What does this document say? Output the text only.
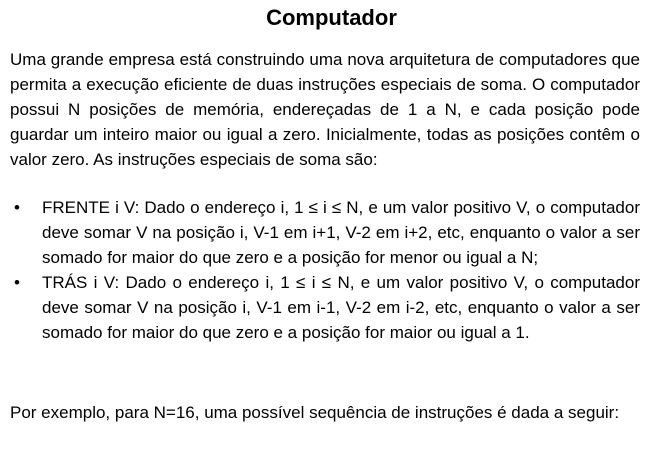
Computador
Uma grande empresa está construindo uma nova arquitetura de computadores que permita a execução eficiente de duas instruções especiais de soma. O computador possui N posições de memória, endereçadas de 1 a N, e cada posição pode guardar um inteiro maior ou igual a zero. Inicialmente, todas as posições contêm o valor zero. As instruções especiais de soma são:
• FRENTE i V: Dado o endereço i, 1 ≤ i ≤ N, e um valor positivo V, o computador deve somar V na posição i, V-1 em i+1, V-2 em i+2, etc, enquanto o valor a ser somado for maior do que zero e a posição for menor ou igual a N;
• TRÁS i V: Dado o endereço i, 1 ≤ i ≤ N, e um valor positivo V, o computador deve somar V na posição i, V-1 em i-1, V-2 em i-2, etc, enquanto o valor a ser somado for maior do que zero e a posição for maior ou igual a 1.
Por exemplo, para N=16, uma possível sequência de instruções é dada a seguir:
